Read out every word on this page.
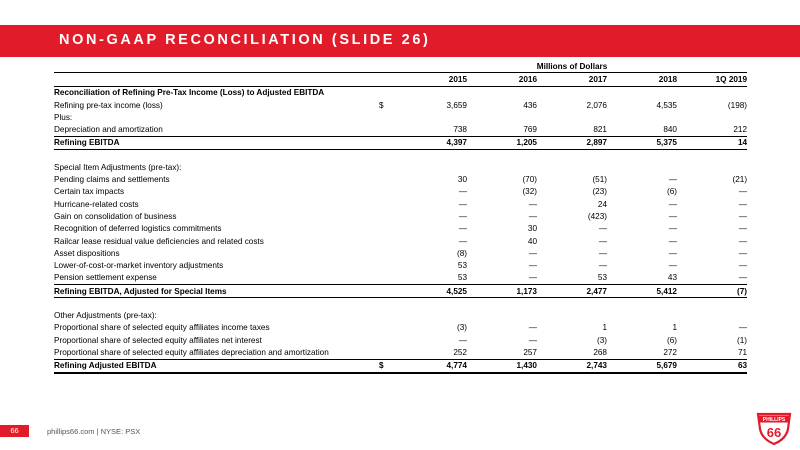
NON-GAAP RECONCILIATION (SLIDE 26)
		Millions of Dollars				
		2015	2016	2017	2018	1Q 2019
Reconciliation of Refining Pre-Tax Income (Loss) to Adjusted EBITDA						
Refining pre-tax income (loss)	$	3,659	436	2,076	4,535	(198)
Plus:						
Depreciation and amortization		738	769	821	840	212
Refining EBITDA		4,397	1,205	2,897	5,375	14

Special Item Adjustments (pre-tax):						
Pending claims and settlements		30	(70)	(51)	—	(21)
Certain tax impacts		—	(32)	(23)	(6)	—
Hurricane-related costs		—	—	24	—	—
Gain on consolidation of business		—	—	(423)	—	—
Recognition of deferred logistics commitments		—	30	—	—	—
Railcar lease residual value deficiencies and related costs		—	40	—	—	—
Asset dispositions		(8)	—	—	—	—
Lower-of-cost-or-market inventory adjustments		53	—	—	—	—
Pension settlement expense		53	—	53	43	—
Refining EBITDA, Adjusted for Special Items		4,525	1,173	2,477	5,412	(7)

Other Adjustments (pre-tax):						
Proportional share of selected equity affiliates income taxes		(3)	—	1	1	—
Proportional share of selected equity affiliates net interest		—	—	(3)	(6)	(1)
Proportional share of selected equity affiliates depreciation and amortization		252	257	268	272	71
Refining Adjusted EBITDA	$	4,774	1,430	2,743	5,679	63
66	phillips66.com | NYSE: PSX
PHILLIPS
66
